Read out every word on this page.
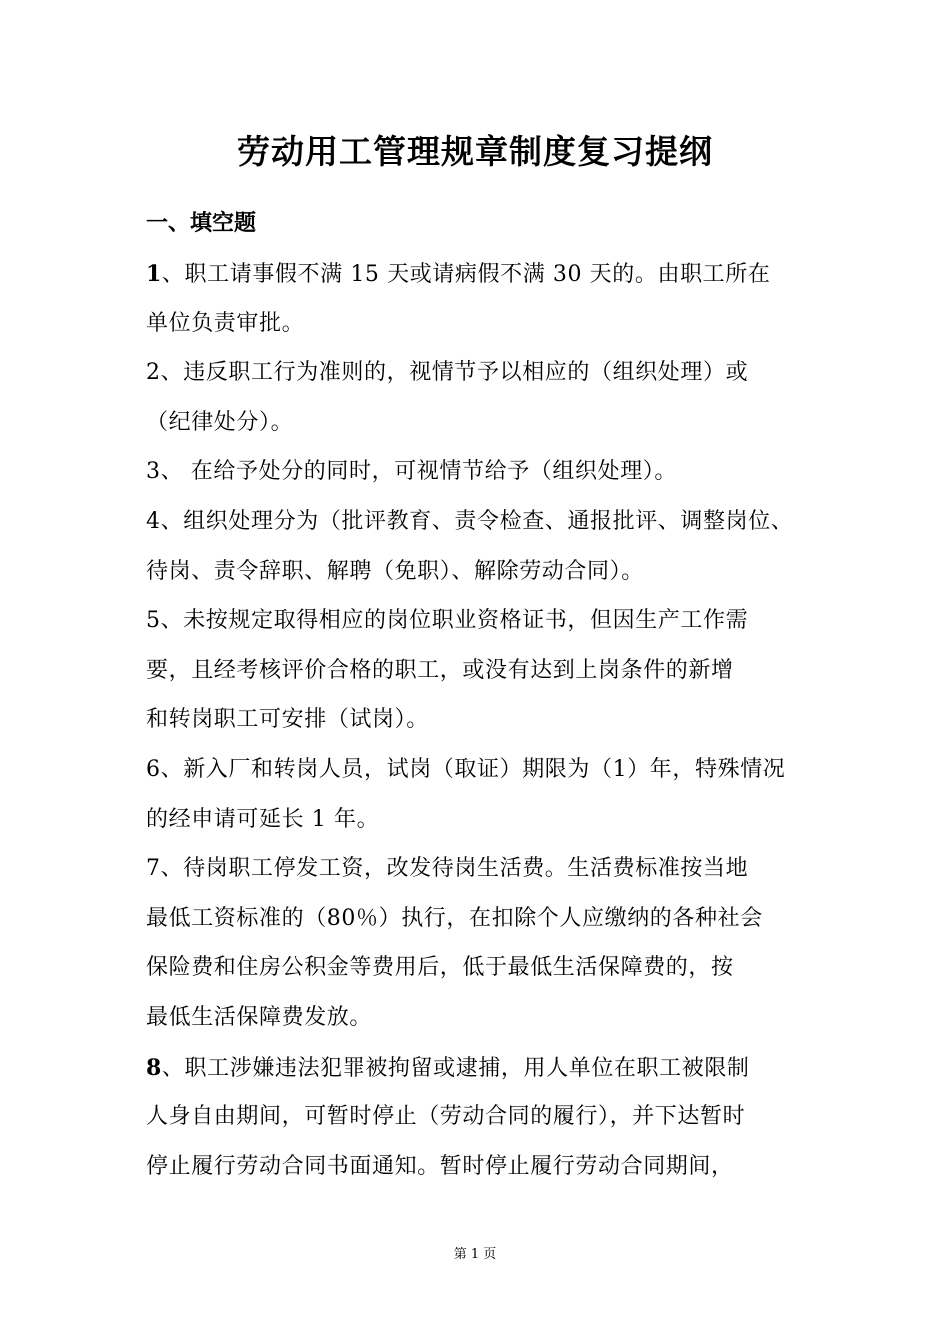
劳动用工管理规章制度复习提纲
一、填空题
1、职工请事假不满 15 天或请病假不满 30 天的。由职工所在
单位负责审批。
2、违反职工行为准则的，视情节予以相应的（组织处理）或
（纪律处分）。
3、 在给予处分的同时，可视情节给予（组织处理）。
4、组织处理分为（批评教育、责令检查、通报批评、调整岗位、
待岗、责令辞职、解聘（免职）、解除劳动合同）。
5、未按规定取得相应的岗位职业资格证书，但因生产工作需
要，且经考核评价合格的职工，或没有达到上岗条件的新增
和转岗职工可安排（试岗）。
6、新入厂和转岗人员，试岗（取证）期限为（1）年，特殊情况
的经申请可延长 1 年。
7、待岗职工停发工资，改发待岗生活费。生活费标准按当地
最低工资标准的（80％）执行，在扣除个人应缴纳的各种社会
保险费和住房公积金等费用后，低于最低生活保障费的，按
最低生活保障费发放。
8、职工涉嫌违法犯罪被拘留或逮捕，用人单位在职工被限制
人身自由期间，可暂时停止（劳动合同的履行），并下达暂时
停止履行劳动合同书面通知。暂时停止履行劳动合同期间，
第 1 页
